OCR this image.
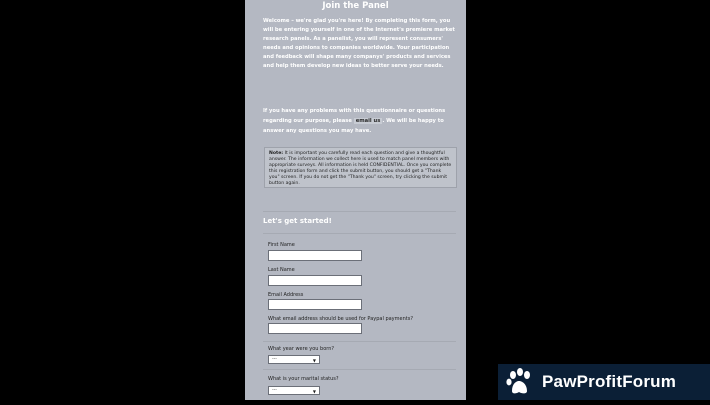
Join the Panel
Welcome – we're glad you're here! By completing this form, you will be entering yourself in one of the Internet's premiere market research panels. As a panelist, you will represent consumers' needs and opinions to companies worldwide. Your participation and feedback will shape many companys' products and services and help them develop new ideas to better serve your needs.
If you have any problems with this questionnaire or questions regarding our purpose, please email us . We will be happy to answer any questions you may have.
Note: It is important you carefully read each question and give a thoughtful answer. The information we collect here is used to match panel members with appropriate surveys. All information is held CONFIDENTIAL. Once you complete this registration form and click the submit button, you should get a "Thank you" screen. If you do not get the "Thank you" screen, try clicking the submit button again.
Let's get started!
First Name
Last Name
Email Address
What email address should be used for Paypal payments?
What year were you born?
---	▼
What is your marital status?
---	▼
PawProfitForum
